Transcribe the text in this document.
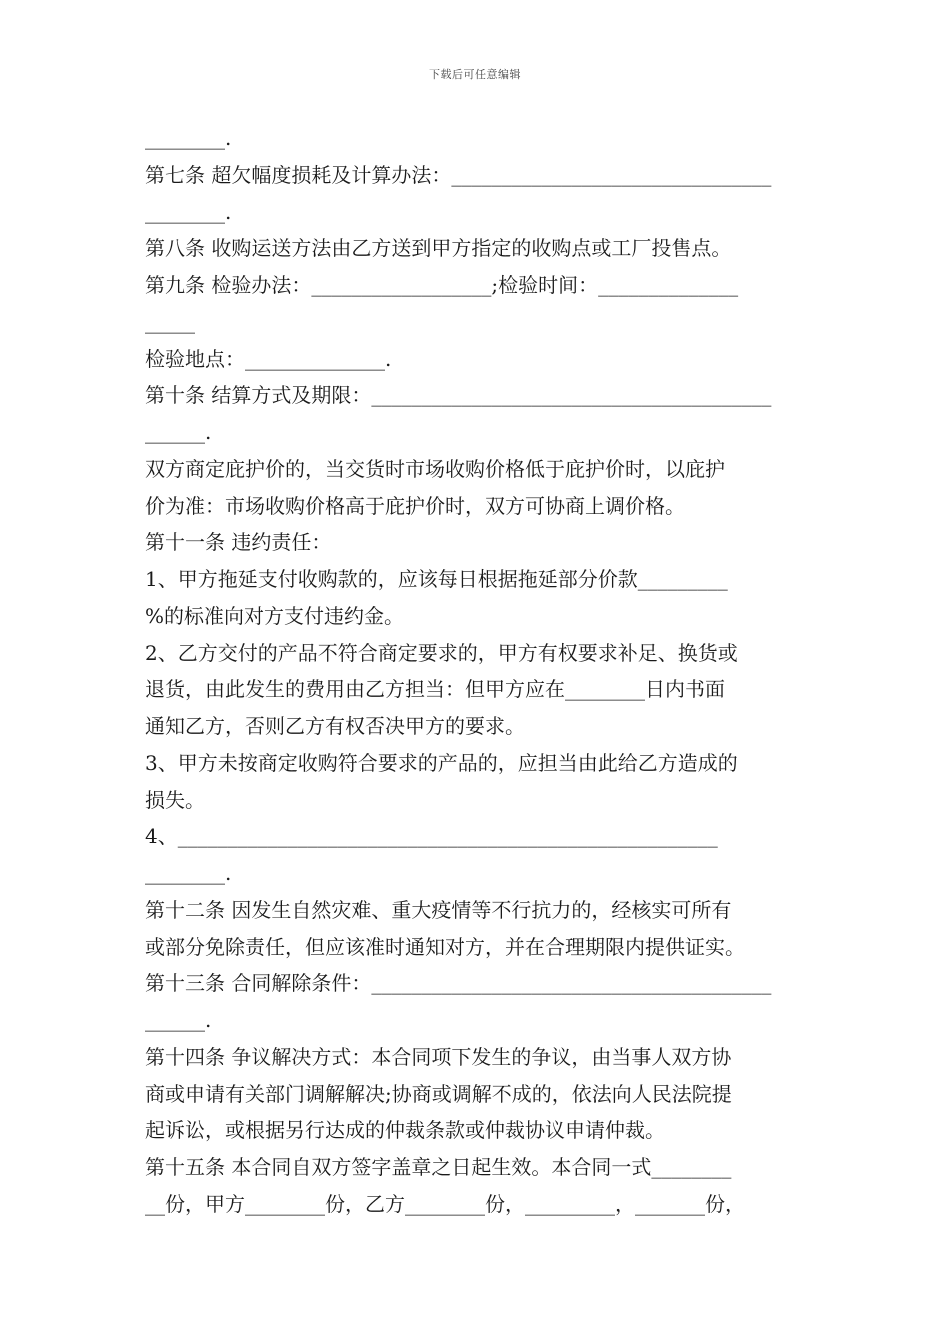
下载后可任意编辑
________.
第七条 超欠幅度损耗及计算办法：________________________________
________.
第八条 收购运送方法由乙方送到甲方指定的收购点或工厂投售点。
第九条 检验办法：__________________;检验时间：______________
_____
检验地点：______________.
第十条 结算方式及期限：________________________________________
______.
双方商定庇护价的，当交货时市场收购价格低于庇护价时，以庇护
价为准：市场收购价格高于庇护价时，双方可协商上调价格。
第十一条 违约责任：
1、甲方拖延支付收购款的，应该每日根据拖延部分价款_________
%的标准向对方支付违约金。
2、乙方交付的产品不符合商定要求的，甲方有权要求补足、换货或
退货，由此发生的费用由乙方担当：但甲方应在________日内书面
通知乙方，否则乙方有权否决甲方的要求。
3、甲方未按商定收购符合要求的产品的，应担当由此给乙方造成的
损失。
4、______________________________________________________
________.
第十二条 因发生自然灾难、重大疫情等不行抗力的，经核实可所有
或部分免除责任，但应该准时通知对方，并在合理期限内提供证实。
第十三条 合同解除条件：________________________________________
______.
第十四条 争议解决方式：本合同项下发生的争议，由当事人双方协
商或申请有关部门调解解决;协商或调解不成的，依法向人民法院提
起诉讼，或根据另行达成的仲裁条款或仲裁协议申请仲裁。
第十五条 本合同自双方签字盖章之日起生效。本合同一式________
__份，甲方________份，乙方________份，_________，_______份，
